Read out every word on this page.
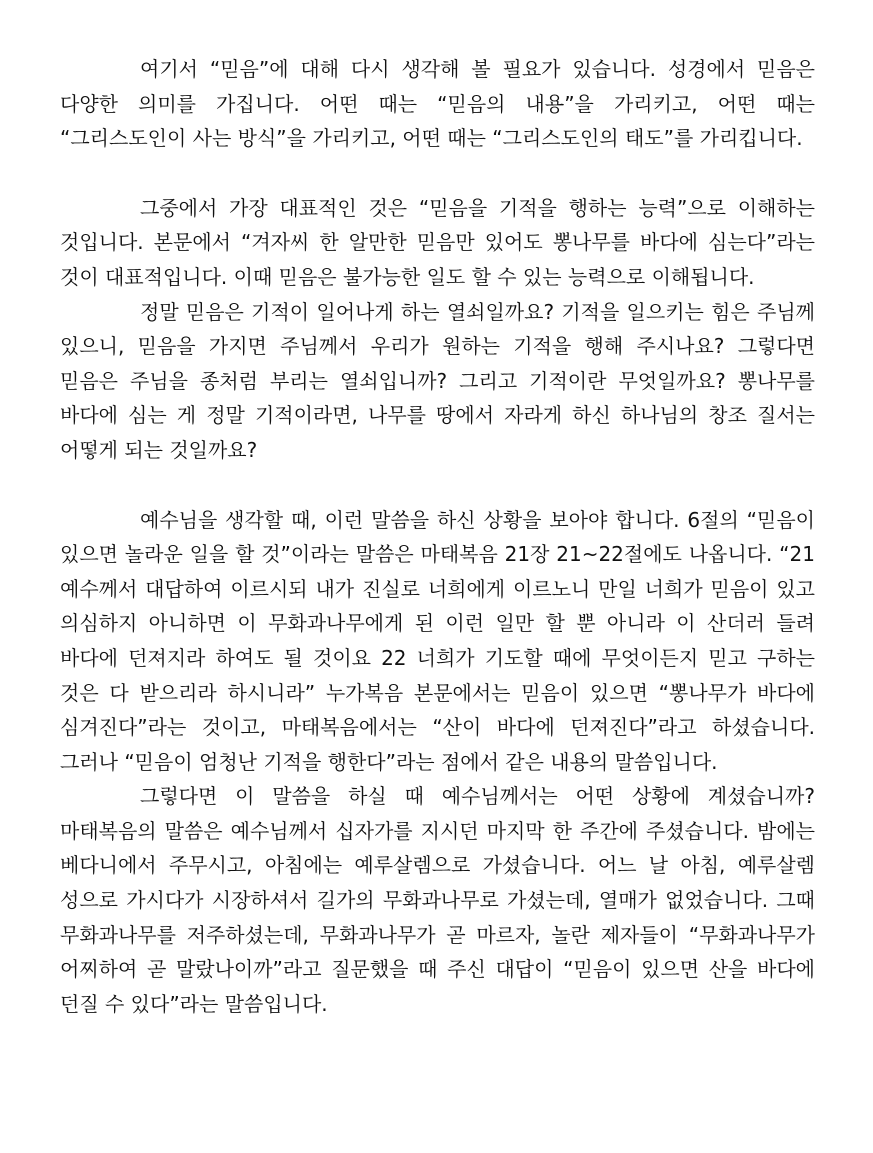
여기서 “믿음”에 대해 다시 생각해 볼 필요가 있습니다. 성경에서 믿음은 다양한 의미를 가집니다. 어떤 때는 “믿음의 내용”을 가리키고, 어떤 때는 “그리스도인이 사는 방식”을 가리키고, 어떤 때는 “그리스도인의 태도”를 가리킵니다.

그중에서 가장 대표적인 것은 “믿음을 기적을 행하는 능력”으로 이해하는 것입니다. 본문에서 “겨자씨 한 알만한 믿음만 있어도 뽕나무를 바다에 심는다”라는 것이 대표적입니다. 이때 믿음은 불가능한 일도 할 수 있는 능력으로 이해됩니다.

정말 믿음은 기적이 일어나게 하는 열쇠일까요? 기적을 일으키는 힘은 주님께 있으니, 믿음을 가지면 주님께서 우리가 원하는 기적을 행해 주시나요? 그렇다면 믿음은 주님을 종처럼 부리는 열쇠입니까? 그리고 기적이란 무엇일까요? 뽕나무를 바다에 심는 게 정말 기적이라면, 나무를 땅에서 자라게 하신 하나님의 창조 질서는 어떻게 되는 것일까요?

예수님을 생각할 때, 이런 말씀을 하신 상황을 보아야 합니다. 6절의 “믿음이 있으면 놀라운 일을 할 것”이라는 말씀은 마태복음 21장 21~22절에도 나옵니다. “21 예수께서 대답하여 이르시되 내가 진실로 너희에게 이르노니 만일 너희가 믿음이 있고 의심하지 아니하면 이 무화과나무에게 된 이런 일만 할 뿐 아니라 이 산더러 들려 바다에 던져지라 하여도 될 것이요 22 너희가 기도할 때에 무엇이든지 믿고 구하는 것은 다 받으리라 하시니라” 누가복음 본문에서는 믿음이 있으면 “뽕나무가 바다에 심겨진다”라는 것이고, 마태복음에서는 “산이 바다에 던져진다”라고 하셨습니다. 그러나 “믿음이 엄청난 기적을 행한다”라는 점에서 같은 내용의 말씀입니다.

그렇다면 이 말씀을 하실 때 예수님께서는 어떤 상황에 계셨습니까? 마태복음의 말씀은 예수님께서 십자가를 지시던 마지막 한 주간에 주셨습니다. 밤에는 베다니에서 주무시고, 아침에는 예루살렘으로 가셨습니다. 어느 날 아침, 예루살렘 성으로 가시다가 시장하셔서 길가의 무화과나무로 가셨는데, 열매가 없었습니다. 그때 무화과나무를 저주하셨는데, 무화과나무가 곧 마르자, 놀란 제자들이 “무화과나무가 어찌하여 곧 말랐나이까”라고 질문했을 때 주신 대답이 “믿음이 있으면 산을 바다에 던질 수 있다”라는 말씀입니다.
